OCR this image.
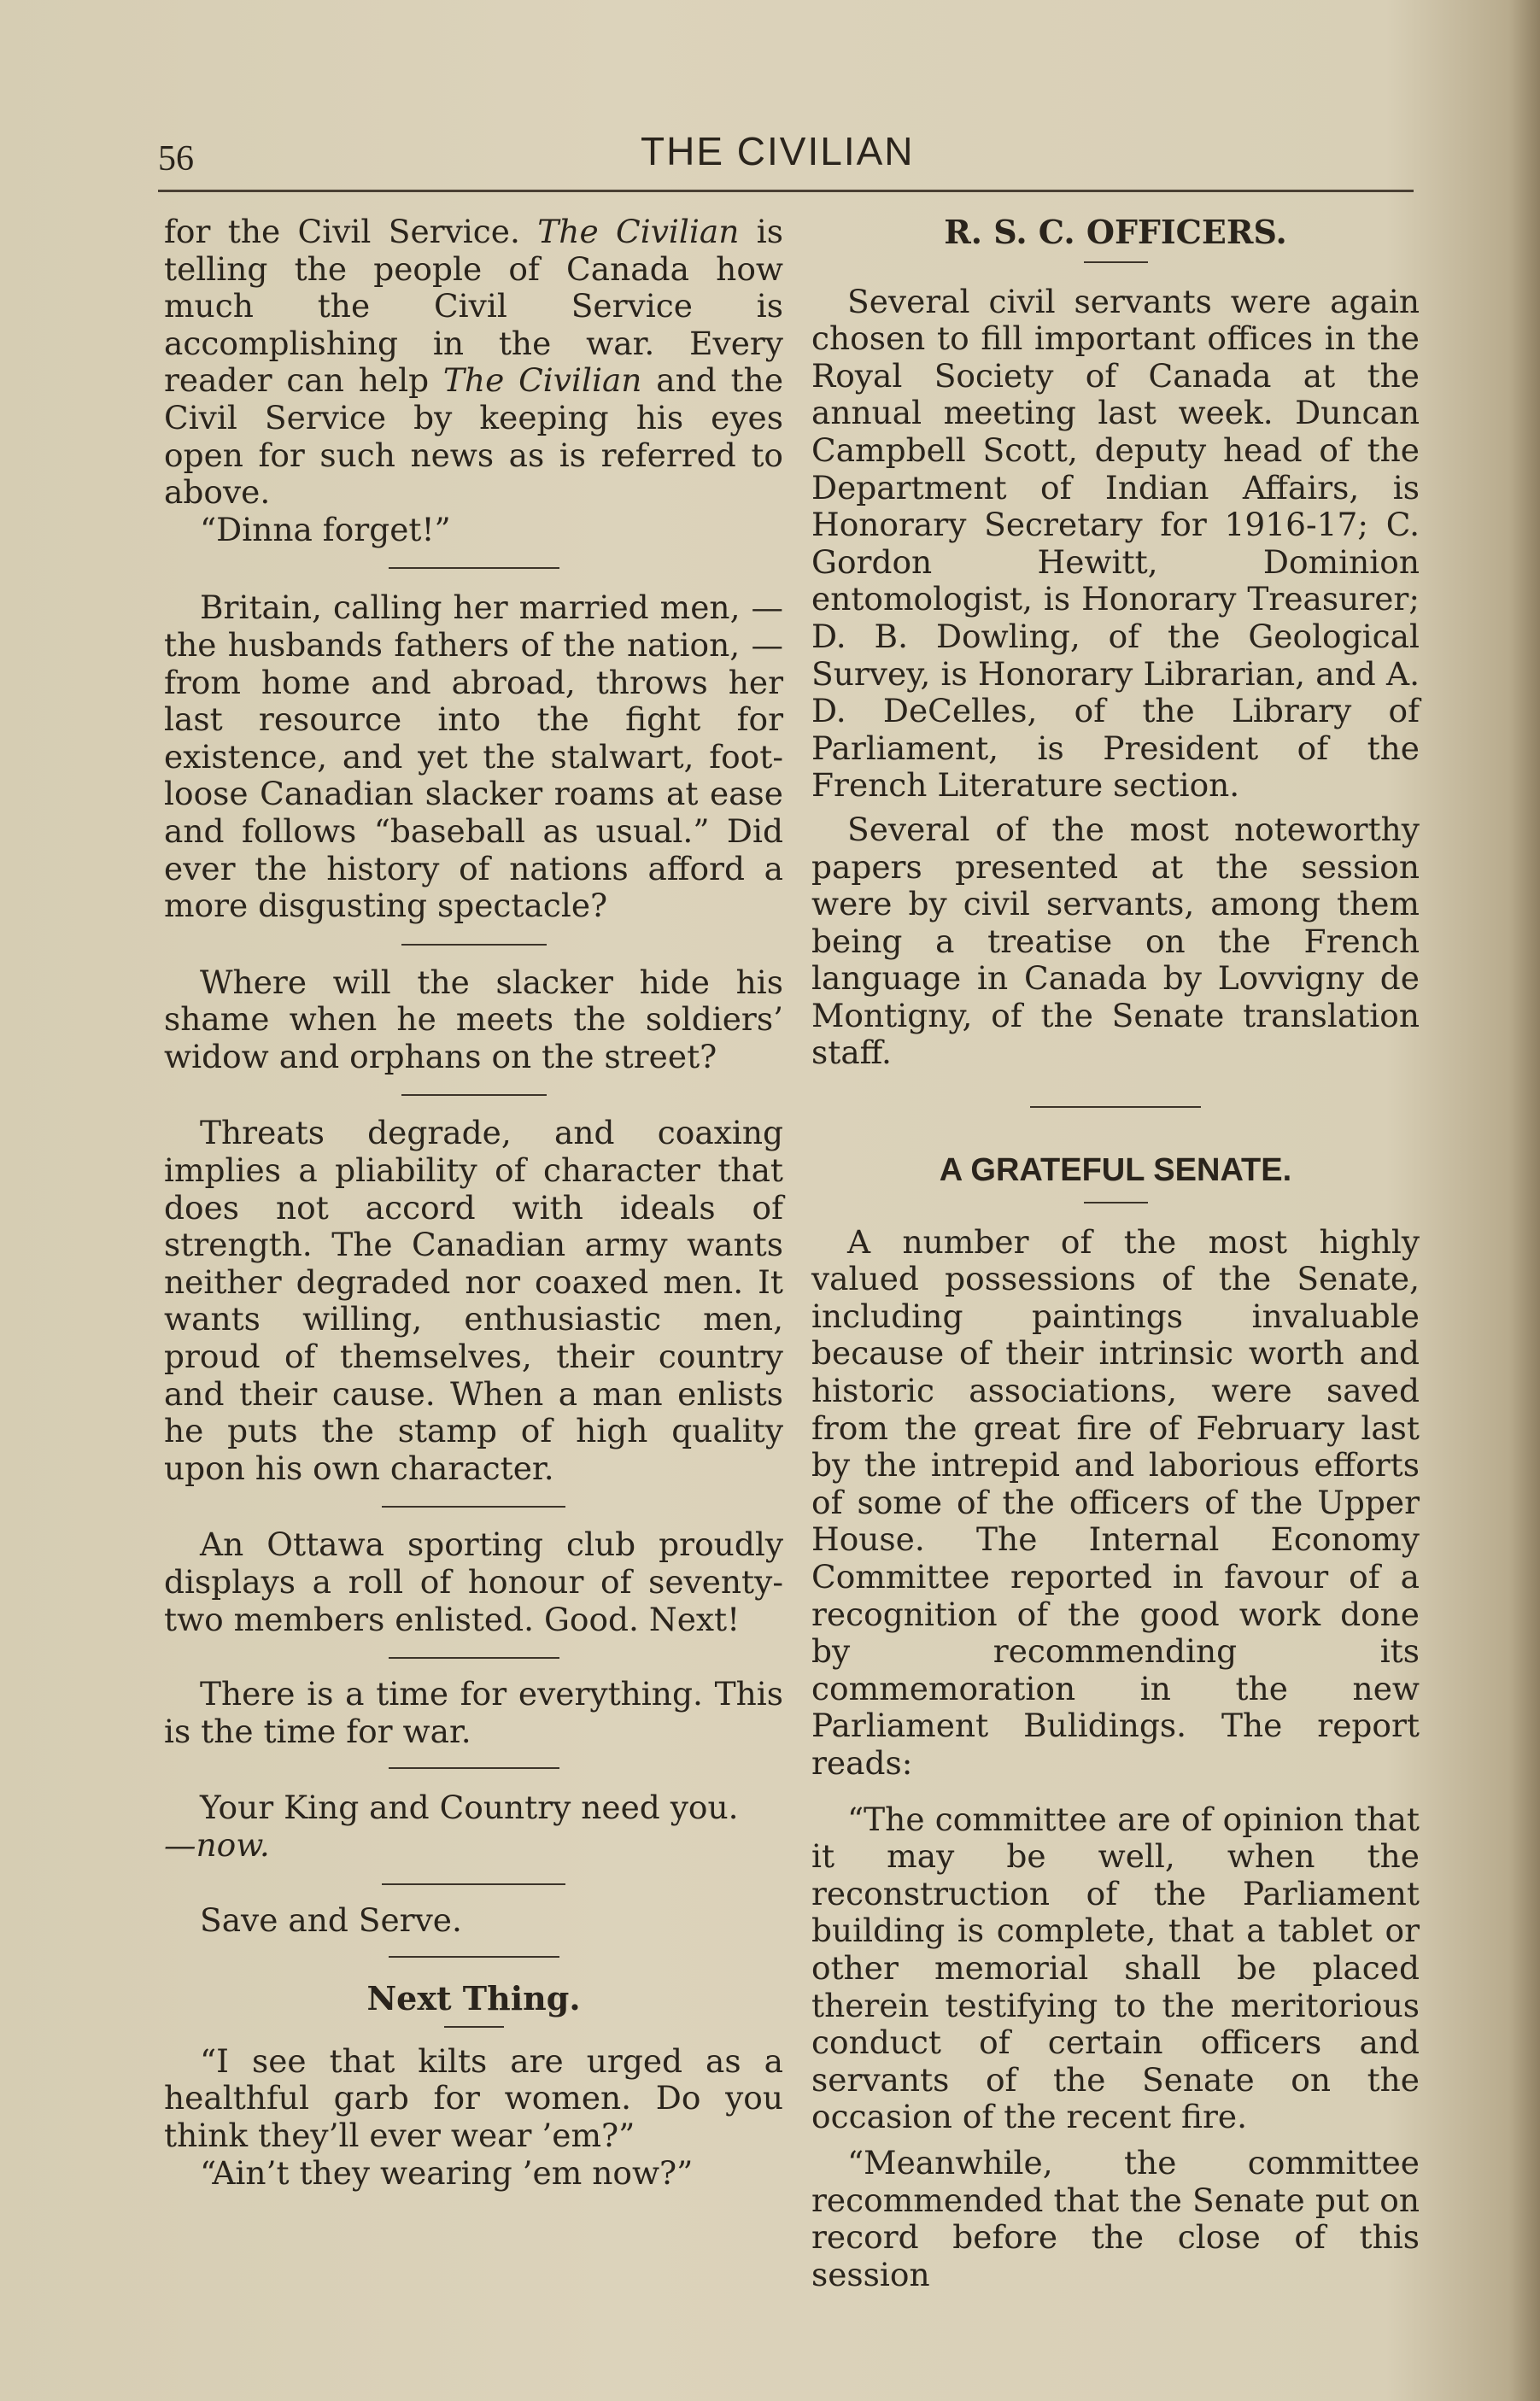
56	THE CIVILIAN

for the Civil Service. The Civilian is telling the people of Canada how much the Civil Service is accomplishing in the war. Every reader can help The Civilian and the Civil Service by keeping his eyes open for such news as is referred to above.

“Dinna forget!”

Britain, calling her married men, —the husbands fathers of the nation, —from home and abroad, throws her last resource into the fight for existence, and yet the stalwart, foot-loose Canadian slacker roams at ease and follows “baseball as usual.” Did ever the history of nations afford a more disgusting spectacle?

Where will the slacker hide his shame when he meets the soldiers’ widow and orphans on the street?

Threats degrade, and coaxing implies a pliability of character that does not accord with ideals of strength. The Canadian army wants neither degraded nor coaxed men. It wants willing, enthusiastic men, proud of themselves, their country and their cause. When a man enlists he puts the stamp of high quality upon his own character.

An Ottawa sporting club proudly displays a roll of honour of seventy-two members enlisted. Good. Next!

There is a time for everything. This is the time for war.

Your King and Country need you.

—now.

Save and Serve.

Next Thing.

“I see that kilts are urged as a healthful garb for women. Do you think they’ll ever wear ’em?”

“Ain’t they wearing ’em now?”

R. S. C. OFFICERS.

Several civil servants were again chosen to fill important offices in the Royal Society of Canada at the annual meeting last week. Duncan Campbell Scott, deputy head of the Department of Indian Affairs, is Honorary Secretary for 1916-17; C. Gordon Hewitt, Dominion entomologist, is Honorary Treasurer; D. B. Dowling, of the Geological Survey, is Honorary Librarian, and A. D. DeCelles, of the Library of Parliament, is President of the French Literature section.

Several of the most noteworthy papers presented at the session were by civil servants, among them being a treatise on the French language in Canada by Lovvigny de Montigny, of the Senate translation staff.

A GRATEFUL SENATE.

A number of the most highly valued possessions of the Senate, including paintings invaluable because of their intrinsic worth and historic associations, were saved from the great fire of February last by the intrepid and laborious efforts of some of the officers of the Upper House. The Internal Economy Committee reported in favour of a recognition of the good work done by recommending its commemoration in the new Parliament Bulidings. The report reads:

“The committee are of opinion that it may be well, when the reconstruction of the Parliament building is complete, that a tablet or other memorial shall be placed therein testifying to the meritorious conduct of certain officers and servants of the Senate on the occasion of the recent fire.

“Meanwhile, the committee recommended that the Senate put on record before the close of this session
